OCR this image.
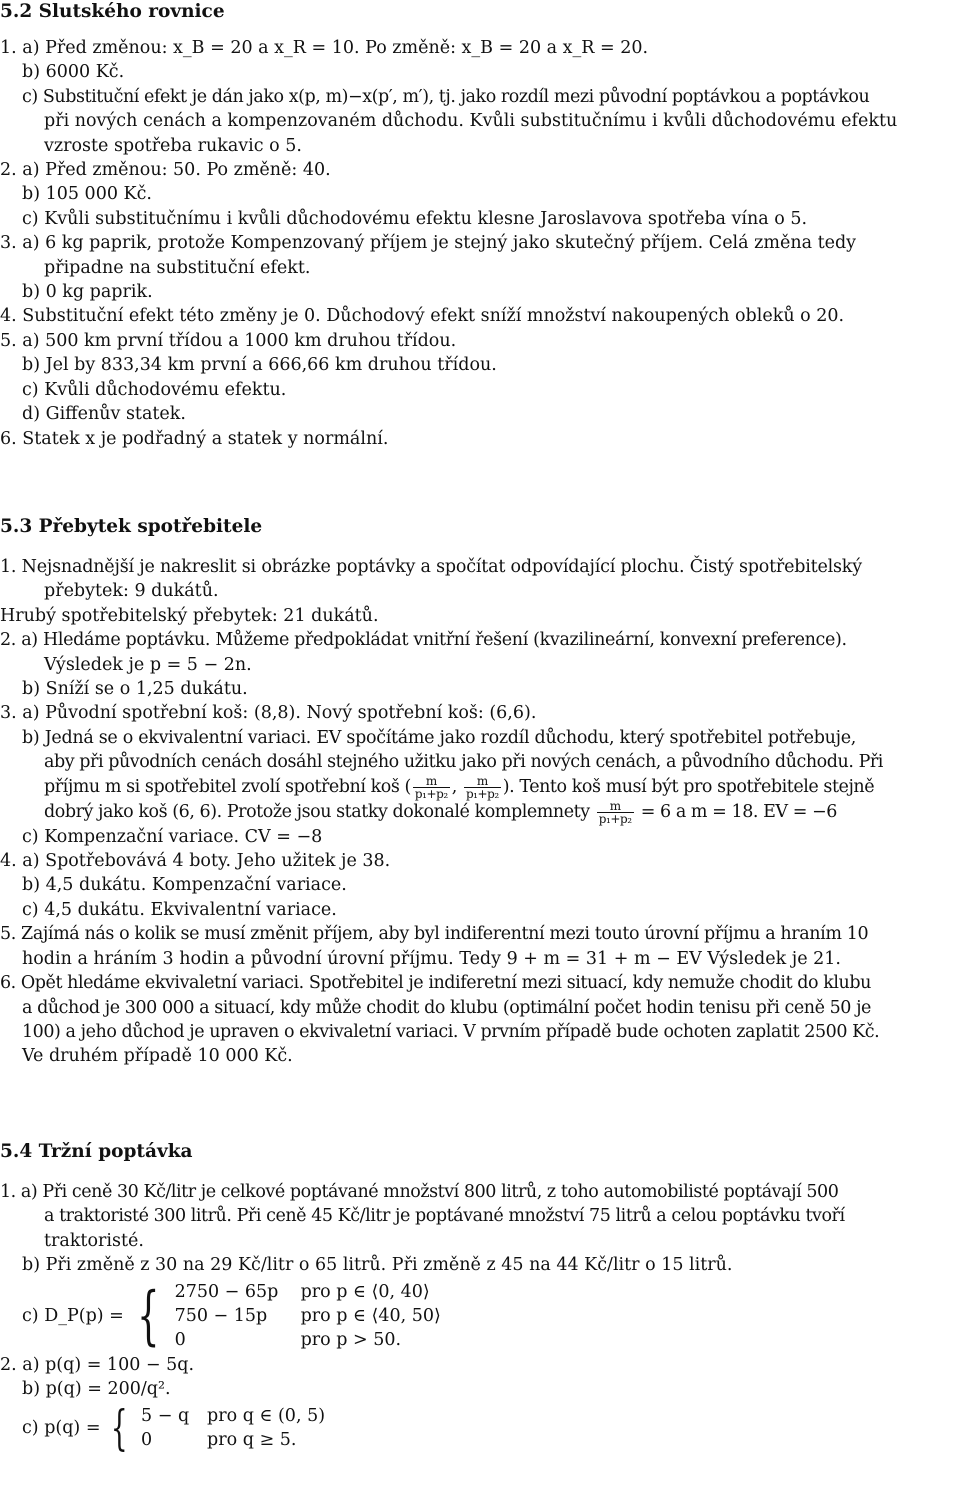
5.2 Slutského rovnice
1. a) Před změnou: x_B = 20 a x_R = 10. Po změně: x_B = 20 a x_R = 20.
b) 6000 Kč.
c) Substituční efekt je dán jako x(p, m)−x(p′, m′), tj. jako rozdíl mezi původní poptávkou a poptávkou
při nových cenách a kompenzovaném důchodu. Kvůli substitučnímu i kvůli důchodovému efektu
vzroste spotřeba rukavic o 5.
2. a) Před změnou: 50. Po změně: 40.
b) 105 000 Kč.
c) Kvůli substitučnímu i kvůli důchodovému efektu klesne Jaroslavova spotřeba vína o 5.
3. a) 6 kg paprik, protože Kompenzovaný příjem je stejný jako skutečný příjem. Celá změna tedy
připadne na substituční efekt.
b) 0 kg paprik.
4. Substituční efekt této změny je 0. Důchodový efekt sníží množství nakoupených obleků o 20.
5. a) 500 km první třídou a 1000 km druhou třídou.
b) Jel by 833,34 km první a 666,66 km druhou třídou.
c) Kvůli důchodovému efektu.
d) Giffenův statek.
6. Statek x je podřadný a statek y normální.
5.3 Přebytek spotřebitele
1. Nejsnadnější je nakreslit si obrázke poptávky a spočítat odpovídající plochu. Čistý spotřebitelský
přebytek: 9 dukátů.
Hrubý spotřebitelský přebytek: 21 dukátů.
2. a) Hledáme poptávku. Můžeme předpokládat vnitřní řešení (kvazilineární, konvexní preference).
Výsledek je p = 5 − 2n.
b) Sníží se o 1,25 dukátu.
3. a) Původní spotřební koš: (8,8). Nový spotřební koš: (6,6).
b) Jedná se o ekvivalentní variaci. EV spočítáme jako rozdíl důchodu, který spotřebitel potřebuje,
aby při původních cenách dosáhl stejného užitku jako při nových cenách, a původního důchodu. Při
příjmu m si spotřebitel zvolí spotřební koš ( $\frac{m}{\text{p₁+p₂}}$ , $\frac{m}{\text{p₁+p₂}}$ ). Tento koš musí být pro spotřebitele stejně
dobrý jako koš (6, 6). Protože jsou statky dokonalé komplemnety $\frac{m}{\text{p₁+p₂}} = 6$ a m = 18. EV = −6
c) Kompenzační variace. CV = −8
4. a) Spotřebovává 4 boty. Jeho užitek je 38.
b) 4,5 dukátu. Kompenzační variace.
c) 4,5 dukátu. Ekvivalentní variace.
5. Zajímá nás o kolik se musí změnit příjem, aby byl indiferentní mezi touto úrovní příjmu a hraním 10
hodin a hráním 3 hodin a původní úrovní příjmu. Tedy 9 + m = 31 + m − EV Výsledek je 21.
6. Opět hledáme ekvivaletní variaci. Spotřebitel je indiferetní mezi situací, kdy nemuže chodit do klubu
a důchod je 300 000 a situací, kdy může chodit do klubu (optimální počet hodin tenisu při ceně 50 je
100) a jeho důchod je upraven o ekvivaletní variaci. V prvním případě bude ochoten zaplatit 2500 Kč.
Ve druhém případě 10 000 Kč.
5.4 Tržní poptávka
1. a) Při ceně 30 Kč/litr je celkové poptávané množství 800 litrů, z toho automobilisté poptávají 500
a traktoristé 300 litrů. Při ceně 45 Kč/litr je poptávané množství 75 litrů a celou poptávku tvoří
traktoristé.
b) Při změně z 30 na 29 Kč/litr o 65 litrů. Při změně z 45 na 44 Kč/litr o 15 litrů.
c) D_P(p) = { 2750 − 65p	pro p ∈ ⟨0, 40⟩
750 − 15p	pro p ∈ ⟨40, 50⟩
0	pro p > 50.
2. a) p(q) = 100 − 5q.
b) p(q) = 200/q².
c) p(q) = { 5 − q	pro q ∈ (0, 5)
0	pro q ≥ 5.
